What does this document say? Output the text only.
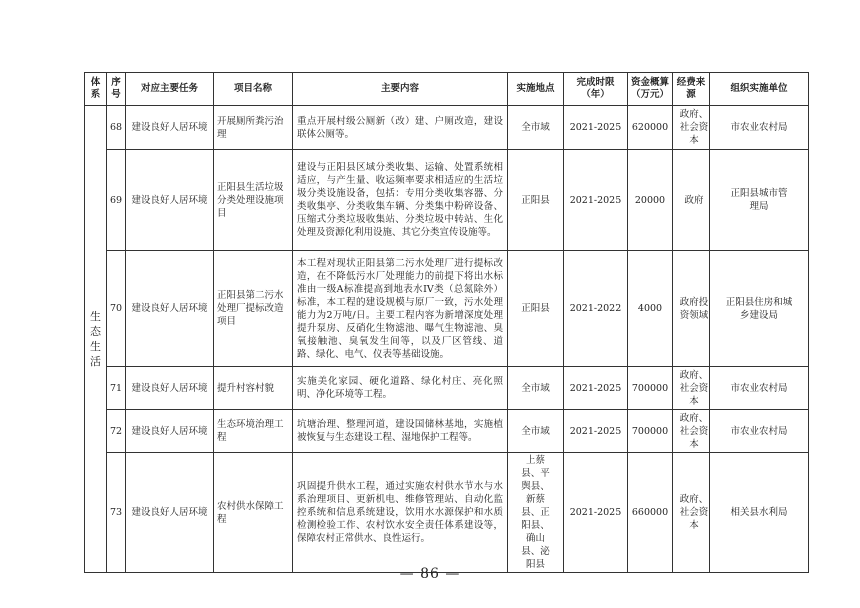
体系	序号	对应主要任务	项目名称	主要内容	实施地点	完成时限（年）	资金概算（万元）	经费来源	组织实施单位
生态生活	68	建设良好人居环境	开展厕所粪污治理	重点开展村级公厕新（改）建、户厕改造，建设联体公厕等。	全市域	2021-2025	620000	政府、社会资本	市农业农村局
	69	建设良好人居环境	正阳县生活垃圾分类处理设施项目	建设与正阳县区域分类收集、运输、处置系统相适应，与产生量、收运频率要求相适应的生活垃圾分类设施设备，包括：专用分类收集容器、分类收集亭、分类收集车辆、分类集中粉碎设备、压缩式分类垃圾收集站、分类垃圾中转站、生化处理及资源化利用设施、其它分类宣传设施等。	正阳县	2021-2025	20000	政府	正阳县城市管理局
	70	建设良好人居环境	正阳县第二污水处理厂提标改造项目	本工程对现状正阳县第二污水处理厂进行提标改造，在不降低污水厂处理能力的前提下将出水标准由一级A标准提高到地表水IV类（总氮除外）标准，本工程的建设规模与原厂一致，污水处理能力为2万吨/日。主要工程内容为新增深度处理提升泵房、反硝化生物滤池、曝气生物滤池、臭氧接触池、臭氧发生间等，以及厂区管线、道路、绿化、电气、仪表等基础设施。	正阳县	2021-2022	4000	政府投资领域	正阳县住房和城乡建设局
	71	建设良好人居环境	提升村容村貌	实施美化家园、硬化道路、绿化村庄、亮化照明、净化环境等工程。	全市域	2021-2025	700000	政府、社会资本	市农业农村局
	72	建设良好人居环境	生态环境治理工程	坑塘治理、整理河道，建设国储林基地，实施植被恢复与生态建设工程、湿地保护工程等。	全市域	2021-2025	700000	政府、社会资本	市农业农村局
	73	建设良好人居环境	农村供水保障工程	巩固提升供水工程，通过实施农村供水节水与水系治理项目、更新机电、维修管理站、自动化监控系统和信息系统建设，饮用水水源保护和水质检测检验工作、农村饮水安全责任体系建设等，保障农村正常供水、良性运行。	上蔡县、平舆县、新蔡县、正阳县、确山县、泌阳县	2021-2025	660000	政府、社会资本	相关县水利局
— 86 —
